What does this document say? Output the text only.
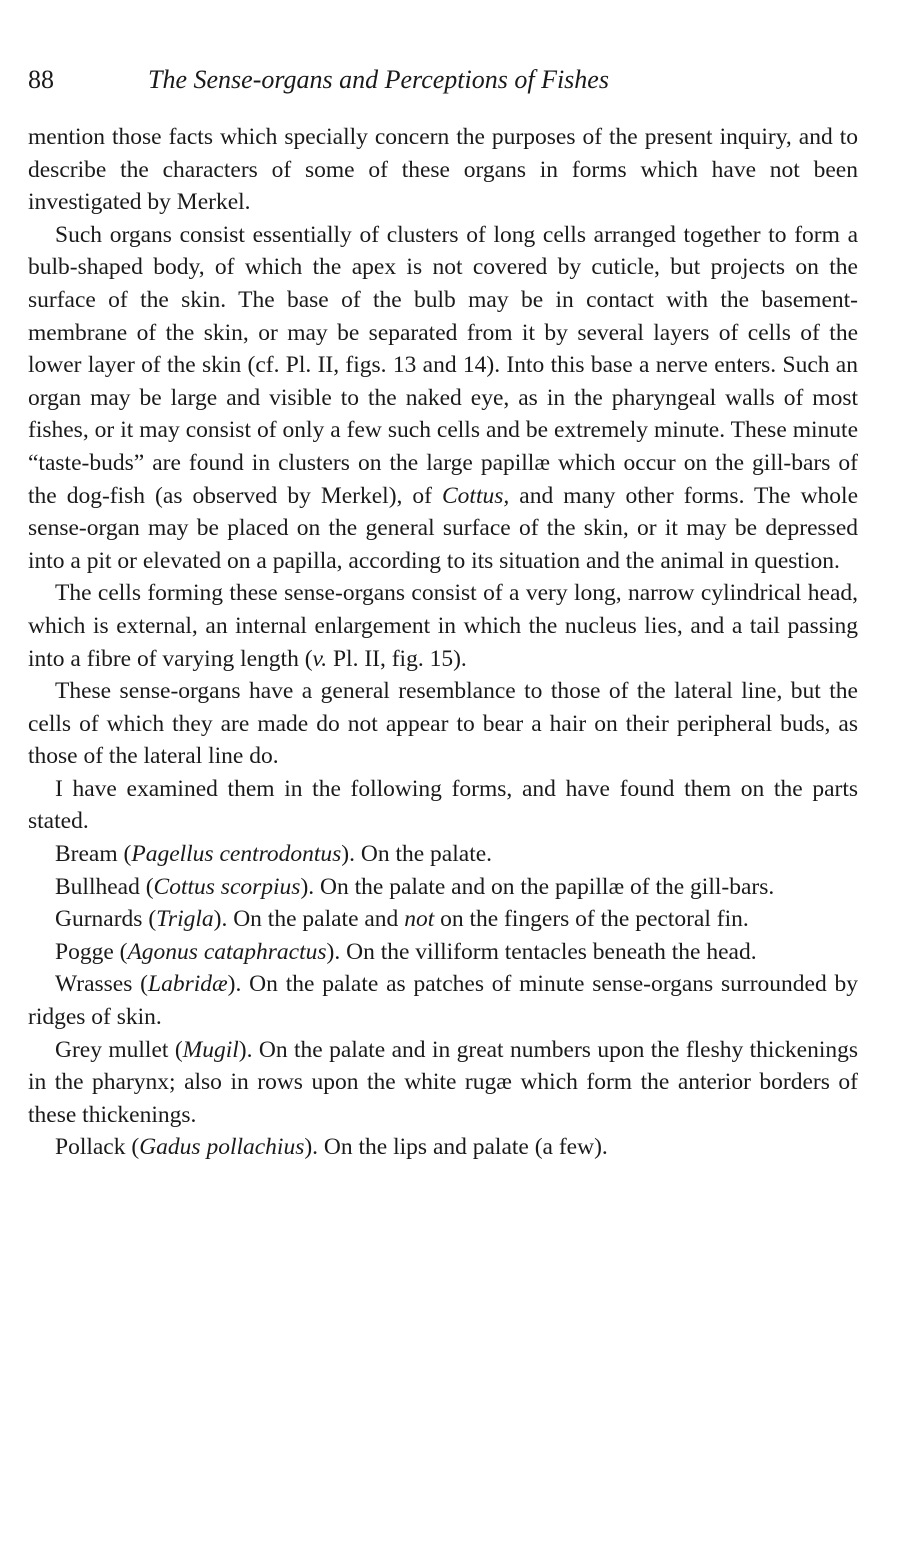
88	The Sense-organs and Perceptions of Fishes

mention those facts which specially concern the purposes of the present inquiry, and to describe the characters of some of these organs in forms which have not been investigated by Merkel.

Such organs consist essentially of clusters of long cells arranged together to form a bulb-shaped body, of which the apex is not covered by cuticle, but projects on the surface of the skin. The base of the bulb may be in contact with the basement-membrane of the skin, or may be separated from it by several layers of cells of the lower layer of the skin (cf. Pl. II, figs. 13 and 14). Into this base a nerve enters. Such an organ may be large and visible to the naked eye, as in the pharyngeal walls of most fishes, or it may consist of only a few such cells and be extremely minute. These minute “taste-buds” are found in clusters on the large papillæ which occur on the gill-bars of the dog-fish (as observed by Merkel), of Cottus, and many other forms. The whole sense-organ may be placed on the general surface of the skin, or it may be depressed into a pit or elevated on a papilla, according to its situation and the animal in question.

The cells forming these sense-organs consist of a very long, narrow cylindrical head, which is external, an internal enlargement in which the nucleus lies, and a tail passing into a fibre of varying length (v. Pl. II, fig. 15).

These sense-organs have a general resemblance to those of the lateral line, but the cells of which they are made do not appear to bear a hair on their peripheral buds, as those of the lateral line do.

I have examined them in the following forms, and have found them on the parts stated.

Bream (Pagellus centrodontus). On the palate.

Bullhead (Cottus scorpius). On the palate and on the papillæ of the gill-bars.

Gurnards (Trigla). On the palate and not on the fingers of the pectoral fin.

Pogge (Agonus cataphractus). On the villiform tentacles beneath the head.

Wrasses (Labridæ). On the palate as patches of minute sense-organs surrounded by ridges of skin.

Grey mullet (Mugil). On the palate and in great numbers upon the fleshy thickenings in the pharynx; also in rows upon the white rugæ which form the anterior borders of these thickenings.

Pollack (Gadus pollachius). On the lips and palate (a few).
